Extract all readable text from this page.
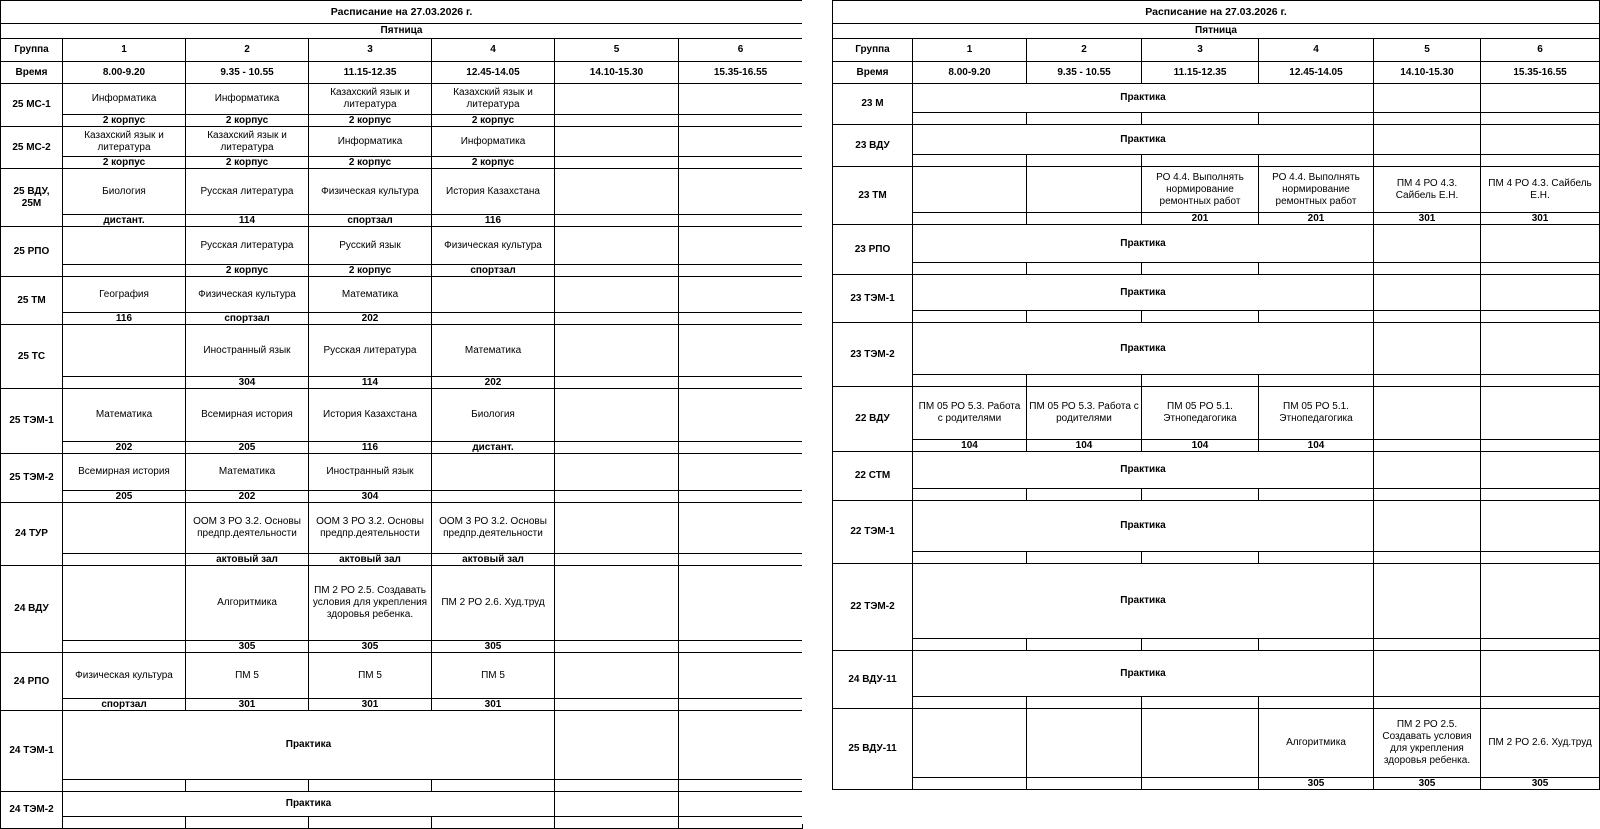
Расписание на 27.03.2026 г.						
Пятница						
Группа	1	2	3	4	5	6
Время	8.00-9.20	9.35 - 10.55	11.15-12.35	12.45-14.05	14.10-15.30	15.35-16.55
25 МС-1	Информатика	Информатика	Казахский язык и литература	Казахский язык и литература		
	2 корпус	2 корпус	2 корпус	2 корпус		
25 МС-2	Казахский язык и литература	Казахский язык и литература	Информатика	Информатика		
	2 корпус	2 корпус	2 корпус	2 корпус		
25 ВДУ, 25М	Биология	Русская литература	Физическая культура	История Казахстана		
	дистант.	114	спортзал	116		
25 РПО		Русская литература	Русский язык	Физическая культура		
		2 корпус	2 корпус	спортзал		
25 ТМ	География	Физическая культура	Математика			
	116	спортзал	202			
25 ТС		Иностранный язык	Русская литература	Математика		
		304	114	202		
25 ТЭМ-1	Математика	Всемирная история	История Казахстана	Биология		
	202	205	116	дистант.		
25 ТЭМ-2	Всемирная история	Математика	Иностранный язык			
	205	202	304			
24 ТУР		ООМ 3 РО 3.2. Основы предпр.деятельности	ООМ 3 РО 3.2. Основы предпр.деятельности	ООМ 3 РО 3.2. Основы предпр.деятельности		
		актовый зал	актовый зал	актовый зал		
24 ВДУ		Алгоритмика	ПМ 2 РО 2.5. Создавать условия для укрепления здоровья ребенка.	ПМ 2 РО 2.6. Худ.труд		
		305	305	305		
24 РПО	Физическая культура	ПМ 5	ПМ 5	ПМ 5		
	спортзал	301	301	301		
24 ТЭМ-1	Практика					

24 ТЭМ-2	Практика					

Расписание на 27.03.2026 г.						
Пятница						
Группа	1	2	3	4	5	6
Время	8.00-9.20	9.35 - 10.55	11.15-12.35	12.45-14.05	14.10-15.30	15.35-16.55
23 М	Практика					

23 ВДУ	Практика					

23 ТМ			РО 4.4. Выполнять нормирование ремонтных работ	РО 4.4. Выполнять нормирование ремонтных работ	ПМ 4 РО 4.3. Сайбель Е.Н.	ПМ 4 РО 4.3. Сайбель Е.Н.
			201	201	301	301
23 РПО	Практика					

23 ТЭМ-1	Практика					

23 ТЭМ-2	Практика					

22 ВДУ	ПМ 05 РО 5.3. Работа с родителями	ПМ 05 РО 5.3. Работа с родителями	ПМ 05 РО 5.1. Этнопедагогика	ПМ 05 РО 5.1. Этнопедагогика		
	104	104	104	104		
22 СТМ	Практика					

22 ТЭМ-1	Практика					

22 ТЭМ-2	Практика					

24 ВДУ-11	Практика					

25 ВДУ-11				Алгоритмика	ПМ 2 РО 2.5. Создавать условия для укрепления здоровья ребенка.	ПМ 2 РО 2.6. Худ.труд
				305	305	305
